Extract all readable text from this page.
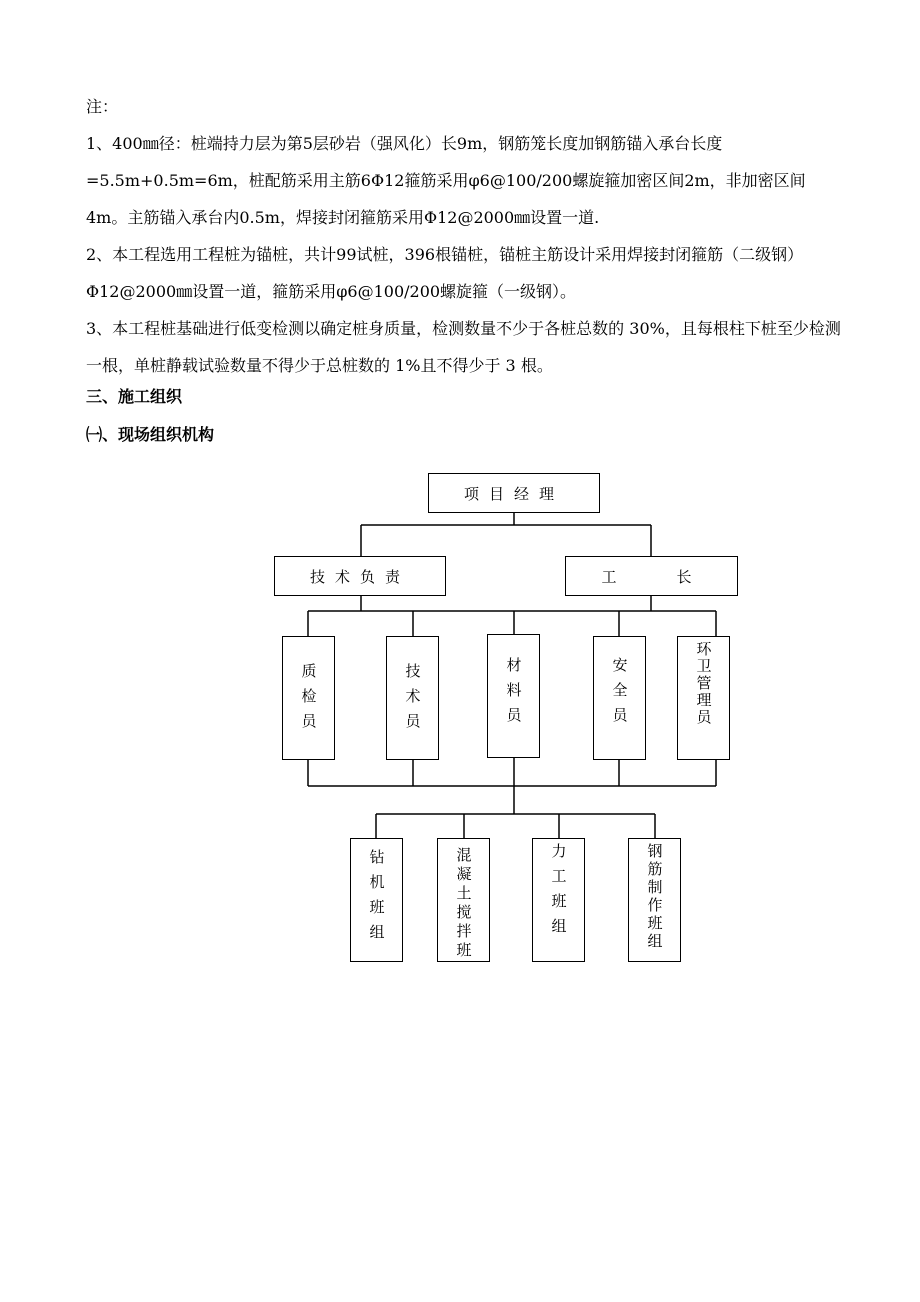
注：

1、400㎜径：桩端持力层为第5层砂岩（强风化）长9m，钢筋笼长度加钢筋锚入承台长度=5.5m+0.5m=6m，桩配筋采用主筋6Φ12箍筋采用φ6@100/200螺旋箍加密区间2m，非加密区间4m。主筋锚入承台内0.5m，焊接封闭箍筋采用Φ12@2000㎜设置一道.

2、本工程选用工程桩为锚桩，共计99试桩，396根锚桩，锚桩主筋设计采用焊接封闭箍筋（二级钢）Φ12@2000㎜设置一道，箍筋采用φ6@100/200螺旋箍（一级钢）。

3、本工程桩基础进行低变检测以确定桩身质量，检测数量不少于各桩总数的 30%，且每根柱下桩至少检测一根，单桩静载试验数量不得少于总桩数的 1%且不得少于 3 根。

三、施工组织

㈠、现场组织机构

项目经理
技术负责	工　　长
质检员	技术员	材料员	安全员	环卫管理员
钻机班组	混凝土搅拌班	力工班组	钢筋制作班组
